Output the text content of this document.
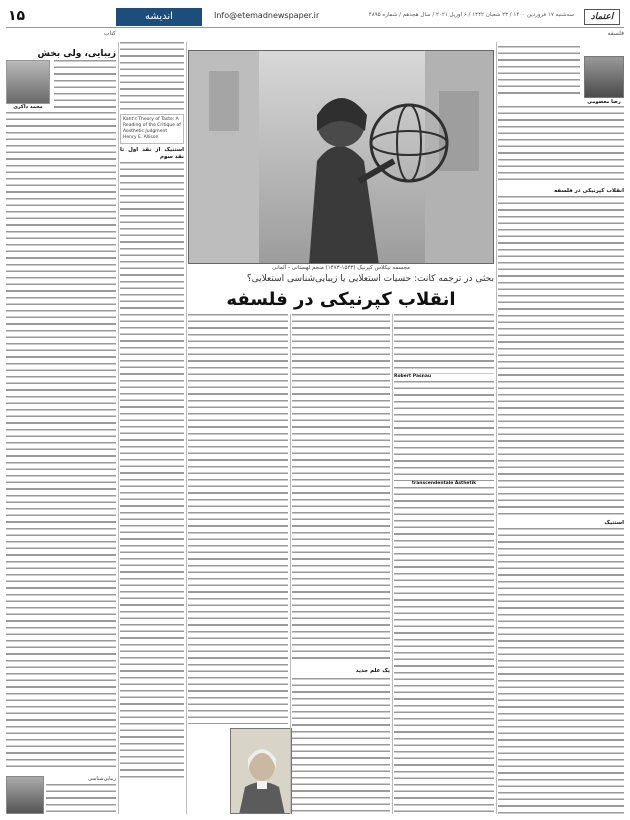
۱۵	اندیشه	Info@etemadnewspaper.ir	سه‌شنبه ۱۷ فروردین ۱۴۰۰ / ۲۳ شعبان ۱۴۴۲ / ۶ آوریل ۲۰۲۱ / سال هجدهم / شماره ۴۸۹۵	اعتماد
کتاب	فلسفه
زیبایی، ولی بخش
محمد داکری
زیبایی‌شناسی
Kant's Theory of Taste: A Reading of the Critique of Aesthetic Judgment
Henry E. Allison
استتیک از نقد اول تا نقد سوم
مجسمه نیکلاس کپرنیک (۱۵۴۳-۱۴۷۳) منجم لهستانی - آلمانی
بحثی در ترجمه کانت: حسیات استعلایی یا زیبایی‌شناسی استعلایی؟
انقلاب کپرنیکی در فلسفه
یک علم جدید
Robert Pasnau
transcendentale Ästhetik
رضا معصومی
انقلاب کپرنیکی در فلسفه
استتیک
